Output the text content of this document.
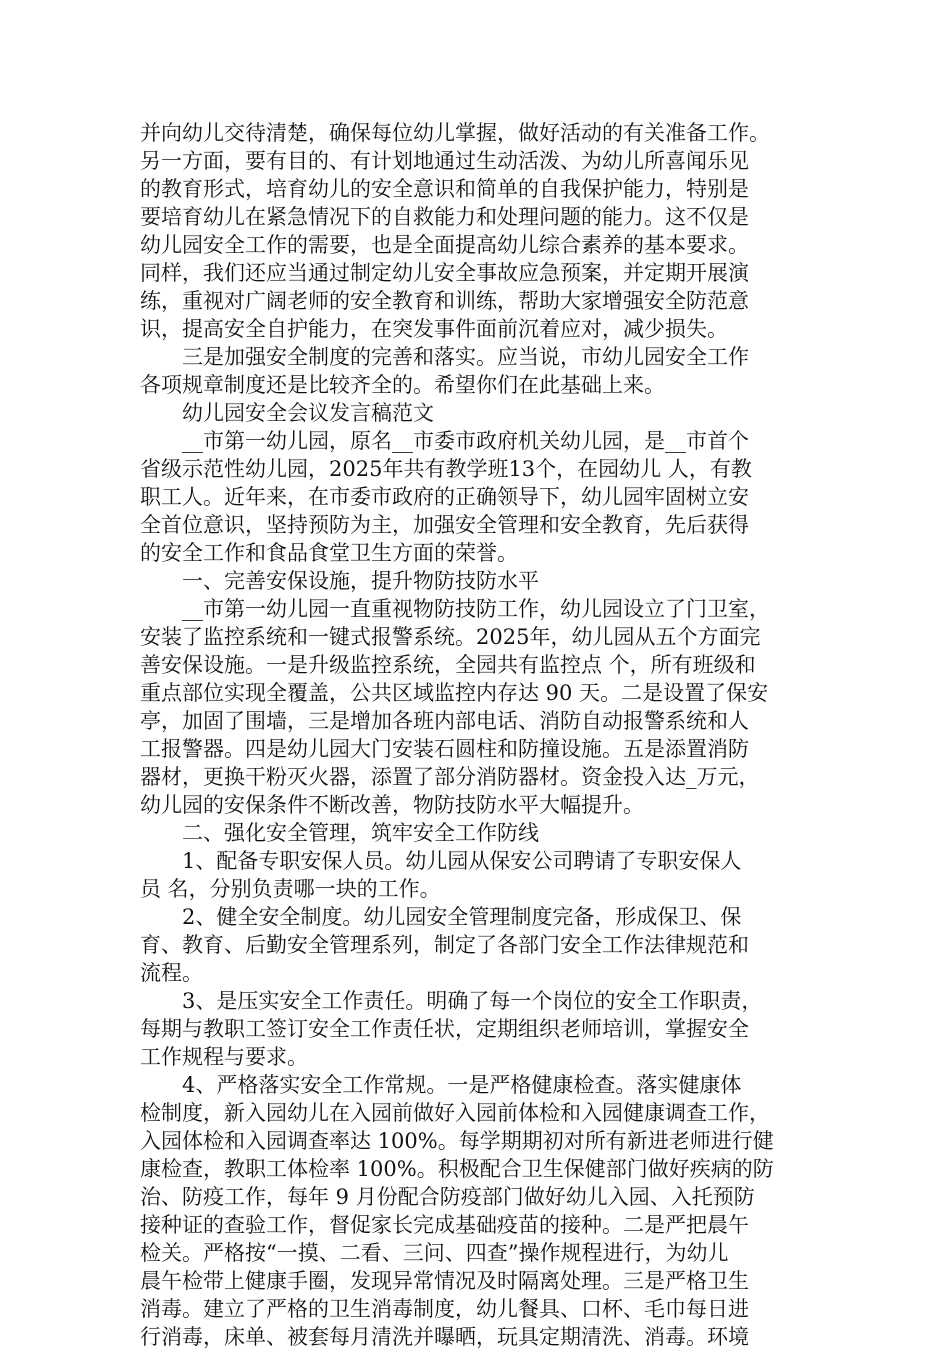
并向幼儿交待清楚，确保每位幼儿掌握，做好活动的有关准备工作。
另一方面，要有目的、有计划地通过生动活泼、为幼儿所喜闻乐见
的教育形式，培育幼儿的安全意识和简单的自我保护能力，特别是
要培育幼儿在紧急情况下的自救能力和处理问题的能力。这不仅是
幼儿园安全工作的需要，也是全面提高幼儿综合素养的基本要求。
同样，我们还应当通过制定幼儿安全事故应急预案，并定期开展演
练，重视对广阔老师的安全教育和训练，帮助大家增强安全防范意
识，提高安全自护能力，在突发事件面前沉着应对，减少损失。
　　三是加强安全制度的完善和落实。应当说，市幼儿园安全工作
各项规章制度还是比较齐全的。希望你们在此基础上来。
　　幼儿园安全会议发言稿范文
　　__市第一幼儿园，原名__市委市政府机关幼儿园，是__市首个
省级示范性幼儿园，2025年共有教学班13个，在园幼儿 人，有教
职工人。近年来，在市委市政府的正确领导下，幼儿园牢固树立安
全首位意识，坚持预防为主，加强安全管理和安全教育，先后获得
的安全工作和食品食堂卫生方面的荣誉。
　　一、完善安保设施，提升物防技防水平
　　__市第一幼儿园一直重视物防技防工作，幼儿园设立了门卫室，
安装了监控系统和一键式报警系统。2025年，幼儿园从五个方面完
善安保设施。一是升级监控系统，全园共有监控点 个，所有班级和
重点部位实现全覆盖，公共区域监控内存达 90 天。二是设置了保安
亭，加固了围墙，三是增加各班内部电话、消防自动报警系统和人
工报警器。四是幼儿园大门安装石圆柱和防撞设施。五是添置消防
器材，更换干粉灭火器，添置了部分消防器材。资金投入达_万元，
幼儿园的安保条件不断改善，物防技防水平大幅提升。
　　二、强化安全管理，筑牢安全工作防线
　　1、配备专职安保人员。幼儿园从保安公司聘请了专职安保人
员 名，分别负责哪一块的工作。
　　2、健全安全制度。幼儿园安全管理制度完备，形成保卫、保
育、教育、后勤安全管理系列，制定了各部门安全工作法律规范和
流程。
　　3、是压实安全工作责任。明确了每一个岗位的安全工作职责，
每期与教职工签订安全工作责任状，定期组织老师培训，掌握安全
工作规程与要求。
　　4、严格落实安全工作常规。一是严格健康检查。落实健康体
检制度，新入园幼儿在入园前做好入园前体检和入园健康调查工作，
入园体检和入园调查率达 100%。每学期期初对所有新进老师进行健
康检查，教职工体检率 100%。积极配合卫生保健部门做好疾病的防
治、防疫工作，每年 9 月份配合防疫部门做好幼儿入园、入托预防
接种证的查验工作，督促家长完成基础疫苗的接种。二是严把晨午
检关。严格按“一摸、二看、三问、四查”操作规程进行，为幼儿
晨午检带上健康手圈，发现异常情况及时隔离处理。三是严格卫生
消毒。建立了严格的卫生消毒制度，幼儿餐具、口杯、毛巾每日进
行消毒，床单、被套每月清洗并曝晒，玩具定期清洗、消毒。环境
